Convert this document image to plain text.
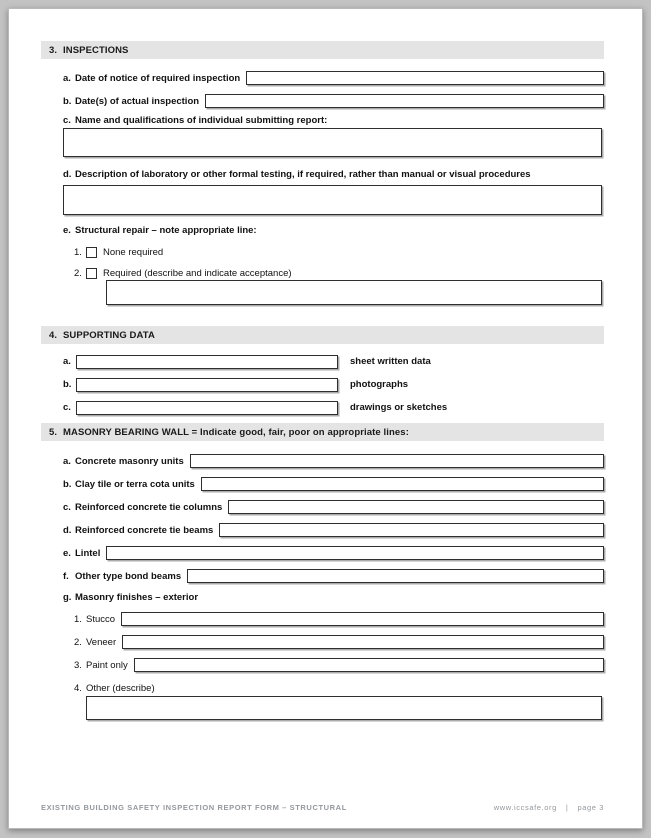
3. INSPECTIONS
a. Date of notice of required inspection
b. Date(s) of actual inspection
c. Name and qualifications of individual submitting report:
d. Description of laboratory or other formal testing, if required, rather than manual or visual procedures
e. Structural repair – note appropriate line:
1.	None required
2.	Required (describe and indicate acceptance)
4. SUPPORTING DATA
a.	sheet written data
b.	photographs
c.	drawings or sketches
5. MASONRY BEARING WALL = Indicate good, fair, poor on appropriate lines:
a. Concrete masonry units
b. Clay tile or terra cota units
c. Reinforced concrete tie columns
d. Reinforced concrete tie beams
e. Lintel
f. Other type bond beams
g. Masonry finishes – exterior
1. Stucco
2. Veneer
3. Paint only
4. Other (describe)
EXISTING BUILDING SAFETY INSPECTION REPORT FORM – STRUCTURAL	www.iccsafe.org | page 3
